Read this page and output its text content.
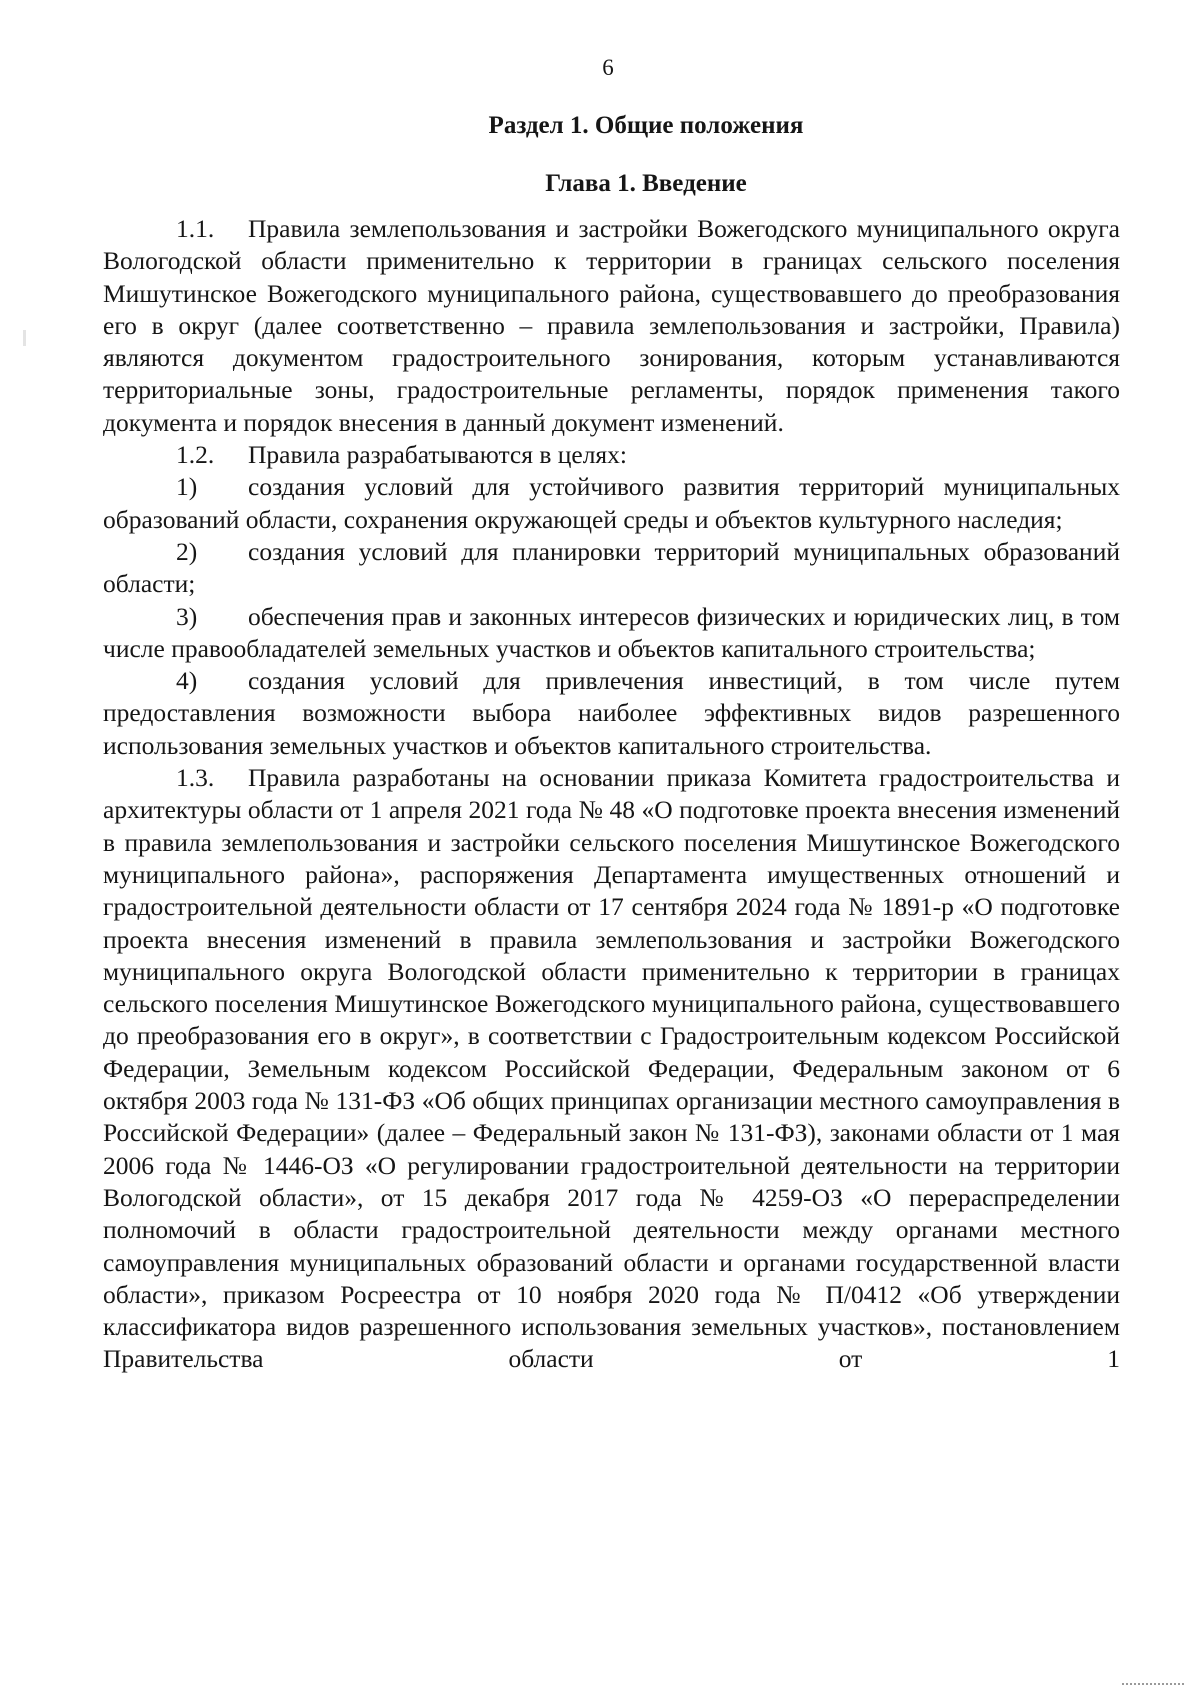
6
Раздел 1. Общие положения
Глава 1. Введение

1.1. Правила землепользования и застройки Вожегодского муниципального округа Вологодской области применительно к территории в границах сельского поселения Мишутинское Вожегодского муниципального района, существовавшего до преобразования его в округ (далее соответственно – правила землепользования и застройки, Правила) являются документом градостроительного зонирования, которым устанавливаются территориальные зоны, градостроительные регламенты, порядок применения такого документа и порядок внесения в данный документ изменений.

1.2. Правила разрабатываются в целях:

1) создания условий для устойчивого развития территорий муниципальных образований области, сохранения окружающей среды и объектов культурного наследия;

2) создания условий для планировки территорий муниципальных образований области;

3) обеспечения прав и законных интересов физических и юридических лиц, в том числе правообладателей земельных участков и объектов капитального строительства;

4) создания условий для привлечения инвестиций, в том числе путем предоставления возможности выбора наиболее эффективных видов разрешенного использования земельных участков и объектов капитального строительства.

1.3. Правила разработаны на основании приказа Комитета градостроительства и архитектуры области от 1 апреля 2021 года № 48 «О подготовке проекта внесения изменений в правила землепользования и застройки сельского поселения Мишутинское Вожегодского муниципального района», распоряжения Департамента имущественных отношений и градостроительной деятельности области от 17 сентября 2024 года № 1891-р «О подготовке проекта внесения изменений в правила землепользования и застройки Вожегодского муниципального округа Вологодской области применительно к территории в границах сельского поселения Мишутинское Вожегодского муниципального района, существовавшего до преобразования его в округ», в соответствии с Градостроительным кодексом Российской Федерации, Земельным кодексом Российской Федерации, Федеральным законом от 6 октября 2003 года № 131-ФЗ «Об общих принципах организации местного самоуправления в Российской Федерации» (далее – Федеральный закон № 131-ФЗ), законами области от 1 мая 2006 года № 1446-ОЗ «О регулировании градостроительной деятельности на территории Вологодской области», от 15 декабря 2017 года № 4259-ОЗ «О перераспределении полномочий в области градостроительной деятельности между органами местного самоуправления муниципальных образований области и органами государственной власти области», приказом Росреестра от 10 ноября 2020 года № П/0412 «Об утверждении классификатора видов разрешенного использования земельных участков», постановлением Правительства области от 1
